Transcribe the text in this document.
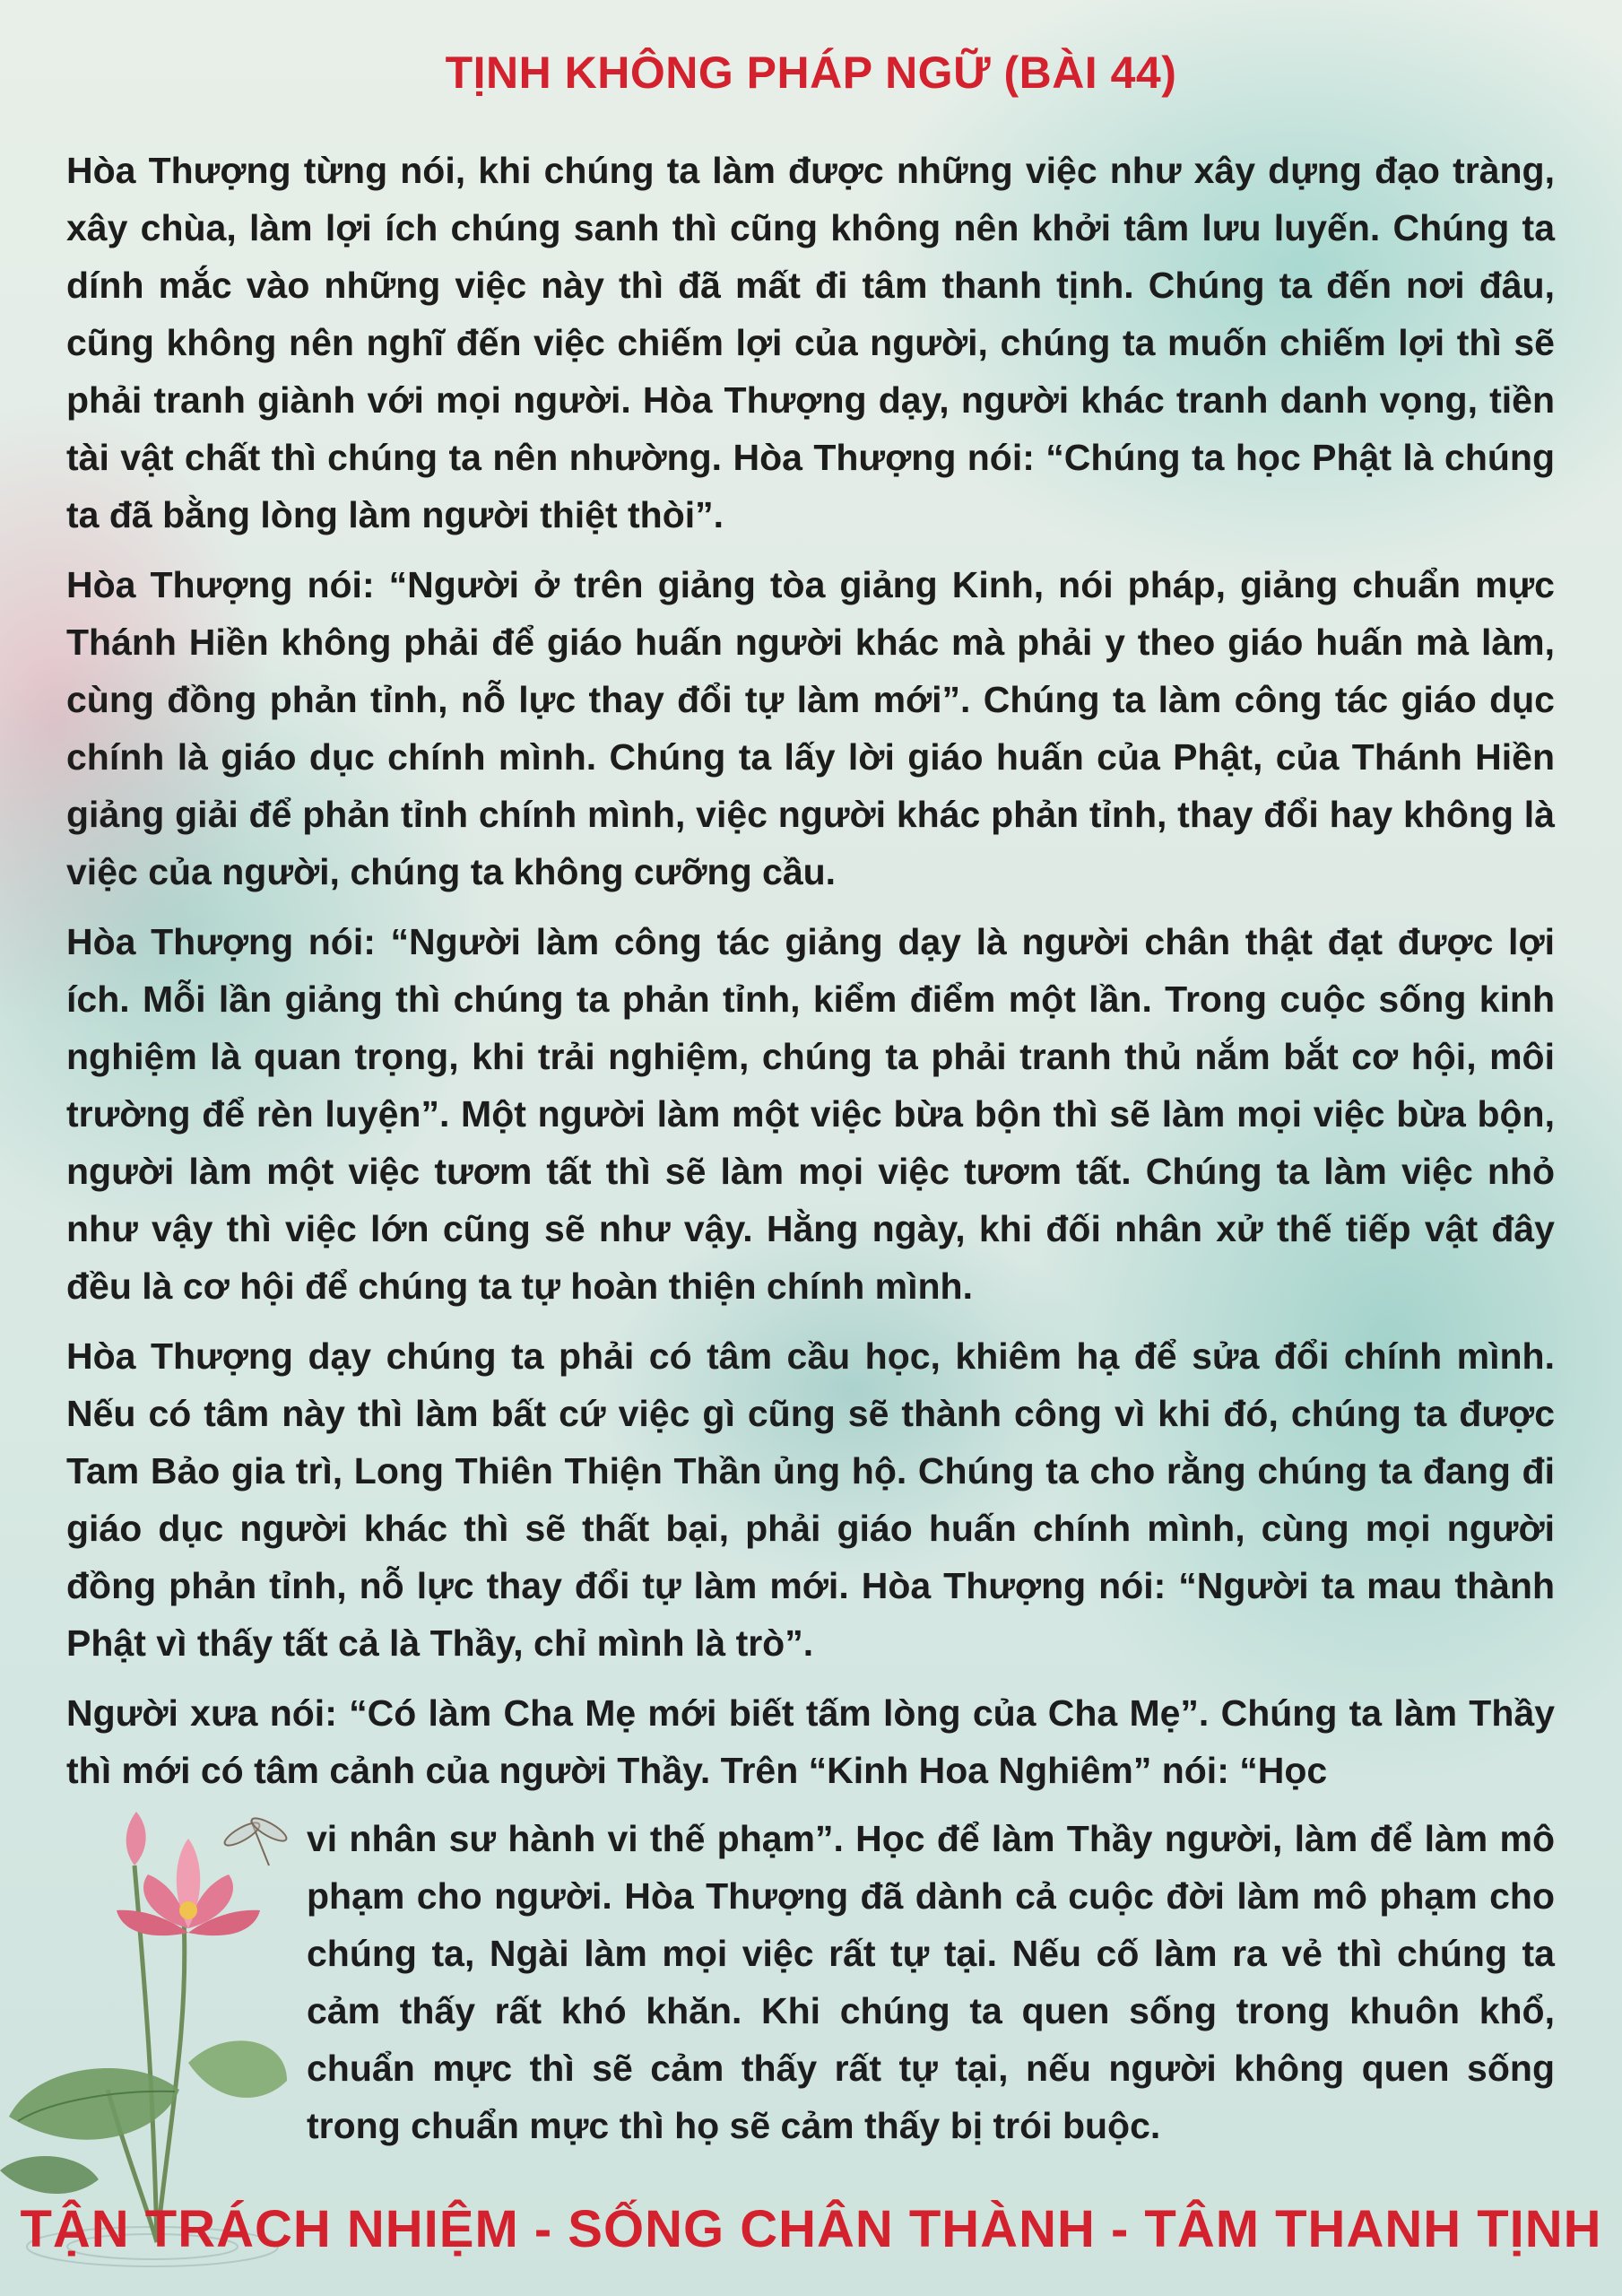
TỊNH KHÔNG PHÁP NGỮ (BÀI 44)

Hòa Thượng từng nói, khi chúng ta làm được những việc như xây dựng đạo tràng, xây chùa, làm lợi ích chúng sanh thì cũng không nên khởi tâm lưu luyến. Chúng ta dính mắc vào những việc này thì đã mất đi tâm thanh tịnh. Chúng ta đến nơi đâu, cũng không nên nghĩ đến việc chiếm lợi của người, chúng ta muốn chiếm lợi thì sẽ phải tranh giành với mọi người. Hòa Thượng dạy, người khác tranh danh vọng, tiền tài vật chất thì chúng ta nên nhường. Hòa Thượng nói: “Chúng ta học Phật là chúng ta đã bằng lòng làm người thiệt thòi”.

Hòa Thượng nói: “Người ở trên giảng tòa giảng Kinh, nói pháp, giảng chuẩn mực Thánh Hiền không phải để giáo huấn người khác mà phải y theo giáo huấn mà làm, cùng đồng phản tỉnh, nỗ lực thay đổi tự làm mới”. Chúng ta làm công tác giáo dục chính là giáo dục chính mình. Chúng ta lấy lời giáo huấn của Phật, của Thánh Hiền giảng giải để phản tỉnh chính mình, việc người khác phản tỉnh, thay đổi hay không là việc của người, chúng ta không cưỡng cầu.

Hòa Thượng nói: “Người làm công tác giảng dạy là người chân thật đạt được lợi ích. Mỗi lần giảng thì chúng ta phản tỉnh, kiểm điểm một lần. Trong cuộc sống kinh nghiệm là quan trọng, khi trải nghiệm, chúng ta phải tranh thủ nắm bắt cơ hội, môi trường để rèn luyện”. Một người làm một việc bừa bộn thì sẽ làm mọi việc bừa bộn, người làm một việc tươm tất thì sẽ làm mọi việc tươm tất. Chúng ta làm việc nhỏ như vậy thì việc lớn cũng sẽ như vậy. Hằng ngày, khi đối nhân xử thế tiếp vật đây đều là cơ hội để chúng ta tự hoàn thiện chính mình.

Hòa Thượng dạy chúng ta phải có tâm cầu học, khiêm hạ để sửa đổi chính mình. Nếu có tâm này thì làm bất cứ việc gì cũng sẽ thành công vì khi đó, chúng ta được Tam Bảo gia trì, Long Thiên Thiện Thần ủng hộ. Chúng ta cho rằng chúng ta đang đi giáo dục người khác thì sẽ thất bại, phải giáo huấn chính mình, cùng mọi người đồng phản tỉnh, nỗ lực thay đổi tự làm mới. Hòa Thượng nói: “Người ta mau thành Phật vì thấy tất cả là Thầy, chỉ mình là trò”.

Người xưa nói: “Có làm Cha Mẹ mới biết tấm lòng của Cha Mẹ”. Chúng ta làm Thầy thì mới có tâm cảnh của người Thầy. Trên “Kinh Hoa Nghiêm” nói: “Học

vi nhân sư hành vi thế phạm”. Học để làm Thầy người, làm để làm mô phạm cho người. Hòa Thượng đã dành cả cuộc đời làm mô phạm cho chúng ta, Ngài làm mọi việc rất tự tại. Nếu cố làm ra vẻ thì chúng ta cảm thấy rất khó khăn. Khi chúng ta quen sống trong khuôn khổ, chuẩn mực thì sẽ cảm thấy rất tự tại, nếu người không quen sống trong chuẩn mực thì họ sẽ cảm thấy bị trói buộc.

TẬN TRÁCH NHIỆM - SỐNG CHÂN THÀNH - TÂM THANH TỊNH
